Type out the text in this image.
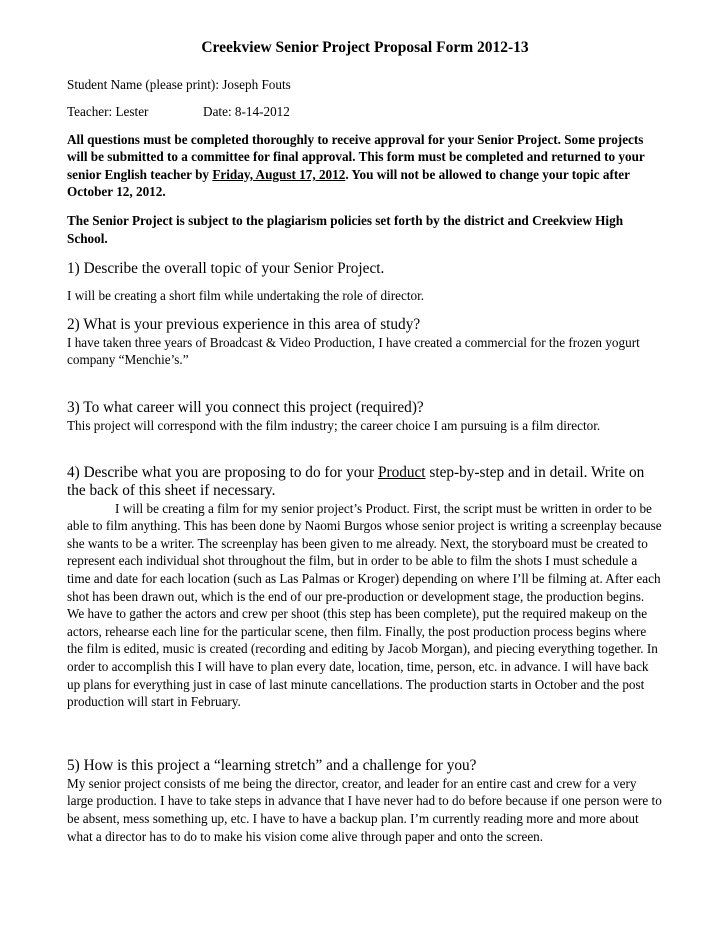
Creekview Senior Project Proposal Form 2012-13

Student Name (please print): Joseph Fouts

Teacher: Lester	Date: 8-14-2012

All questions must be completed thoroughly to receive approval for your Senior Project. Some projects will be submitted to a committee for final approval. This form must be completed and returned to your senior English teacher by Friday, August 17, 2012. You will not be allowed to change your topic after October 12, 2012.

The Senior Project is subject to the plagiarism policies set forth by the district and Creekview High School.

1) Describe the overall topic of your Senior Project.

I will be creating a short film while undertaking the role of director.

2) What is your previous experience in this area of study?

I have taken three years of Broadcast & Video Production, I have created a commercial for the frozen yogurt company “Menchie’s.”

3) To what career will you connect this project (required)?

This project will correspond with the film industry; the career choice I am pursuing is a film director.

4) Describe what you are proposing to do for your Product step-by-step and in detail. Write on the back of this sheet if necessary.

I will be creating a film for my senior project’s Product. First, the script must be written in order to be able to film anything. This has been done by Naomi Burgos whose senior project is writing a screenplay because she wants to be a writer. The screenplay has been given to me already. Next, the storyboard must be created to represent each individual shot throughout the film, but in order to be able to film the shots I must schedule a time and date for each location (such as Las Palmas or Kroger) depending on where I’ll be filming at. After each shot has been drawn out, which is the end of our pre-production or development stage, the production begins. We have to gather the actors and crew per shoot (this step has been complete), put the required makeup on the actors, rehearse each line for the particular scene, then film. Finally, the post production process begins where the film is edited, music is created (recording and editing by Jacob Morgan), and piecing everything together. In order to accomplish this I will have to plan every date, location, time, person, etc. in advance. I will have back up plans for everything just in case of last minute cancellations. The production starts in October and the post production will start in February.

5) How is this project a “learning stretch” and a challenge for you?

My senior project consists of me being the director, creator, and leader for an entire cast and crew for a very large production. I have to take steps in advance that I have never had to do before because if one person were to be absent, mess something up, etc. I have to have a backup plan. I’m currently reading more and more about what a director has to do to make his vision come alive through paper and onto the screen.
